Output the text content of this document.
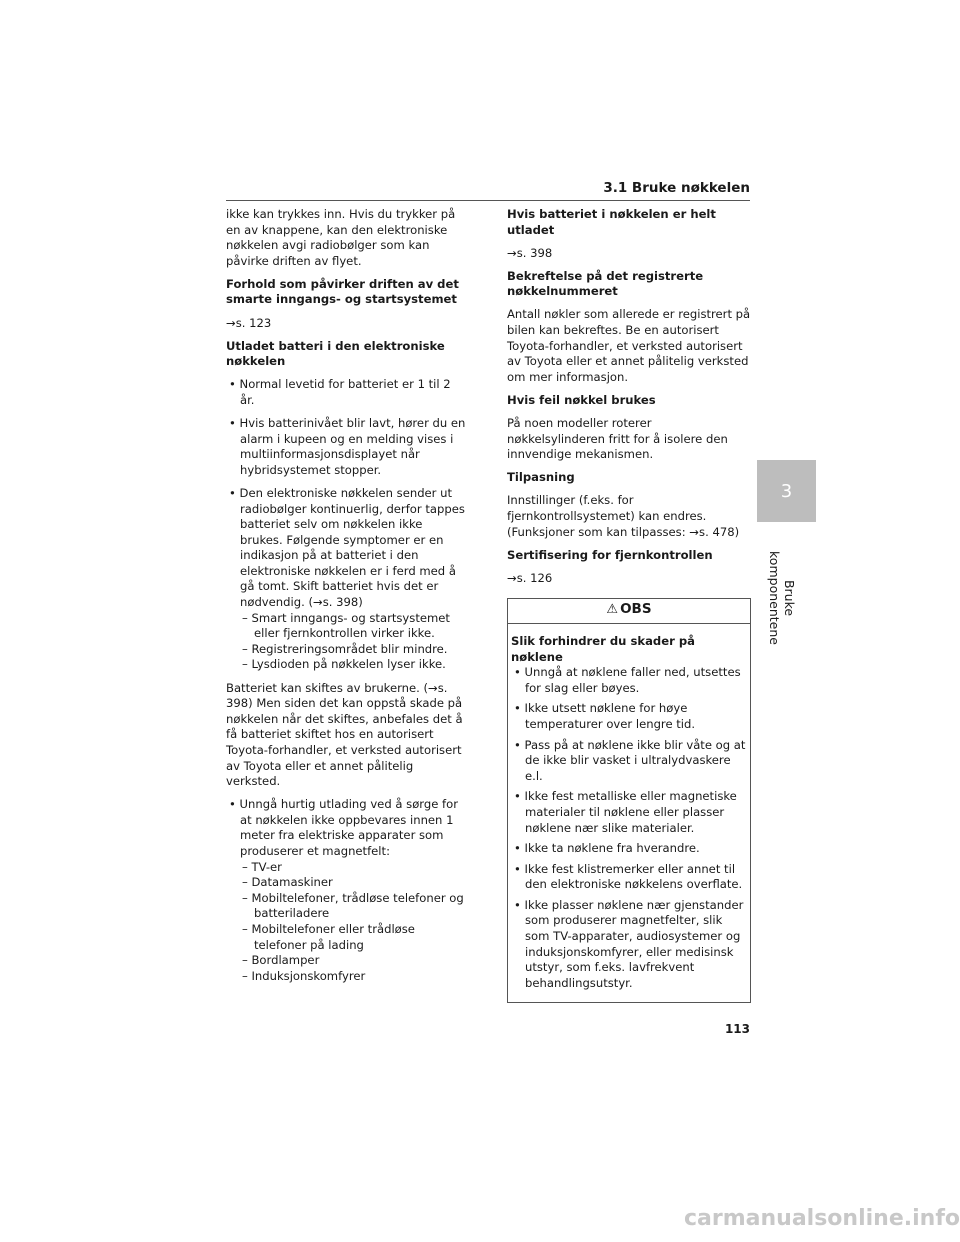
3.1 Bruke nøkkelen

ikke kan trykkes inn. Hvis du trykker på en av knappene, kan den elektroniske nøkkelen avgi radiobølger som kan påvirke driften av flyet.

Forhold som påvirker driften av det smarte inngangs- og startsystemet

→s. 123

Utladet batteri i den elektroniske nøkkelen

• Normal levetid for batteriet er 1 til 2 år.

• Hvis batterinivået blir lavt, hører du en alarm i kupeen og en melding vises i multiinformasjonsdisplayet når hybridsystemet stopper.

• Den elektroniske nøkkelen sender ut radiobølger kontinuerlig, derfor tappes batteriet selv om nøkkelen ikke brukes. Følgende symptomer er en indikasjon på at batteriet i den elektroniske nøkkelen er i ferd med å gå tomt. Skift batteriet hvis det er nødvendig. (→s. 398)

– Smart inngangs- og startsystemet eller fjernkontrollen virker ikke.

– Registreringsområdet blir mindre.

– Lysdioden på nøkkelen lyser ikke.

Batteriet kan skiftes av brukerne. (→s. 398) Men siden det kan oppstå skade på nøkkelen når det skiftes, anbefales det å få batteriet skiftet hos en autorisert Toyota-forhandler, et verksted autorisert av Toyota eller et annet pålitelig verksted.

• Unngå hurtig utlading ved å sørge for at nøkkelen ikke oppbevares innen 1 meter fra elektriske apparater som produserer et magnetfelt:

– TV-er

– Datamaskiner

– Mobiltelefoner, trådløse telefoner og batteriladere

– Mobiltelefoner eller trådløse telefoner på lading

– Bordlamper

– Induksjonskomfyrer

Hvis batteriet i nøkkelen er helt utladet

→s. 398

Bekreftelse på det registrerte nøkkelnummeret

Antall nøkler som allerede er registrert på bilen kan bekreftes. Be en autorisert Toyota-forhandler, et verksted autorisert av Toyota eller et annet pålitelig verksted om mer informasjon.

Hvis feil nøkkel brukes

På noen modeller roterer nøkkelsylinderen fritt for å isolere den innvendige mekanismen.

Tilpasning

Innstillinger (f.eks. for fjernkontrollsystemet) kan endres. (Funksjoner som kan tilpasses: →s. 478)

Sertifisering for fjernkontrollen

→s. 126

⚠ OBS

Slik forhindrer du skader på nøklene

• Unngå at nøklene faller ned, utsettes for slag eller bøyes.

• Ikke utsett nøklene for høye temperaturer over lengre tid.

• Pass på at nøklene ikke blir våte og at de ikke blir vasket i ultralydvaskere e.l.

• Ikke fest metalliske eller magnetiske materialer til nøklene eller plasser nøklene nær slike materialer.

• Ikke ta nøklene fra hverandre.

• Ikke fest klistremerker eller annet til den elektroniske nøkkelens overflate.

• Ikke plasser nøklene nær gjenstander som produserer magnetfelter, slik som TV-apparater, audiosystemer og induksjonskomfyrer, eller medisinsk utstyr, som f.eks. lavfrekvent behandlingsutstyr.

3
Bruke komponentene
113
carmanualsonline.info
